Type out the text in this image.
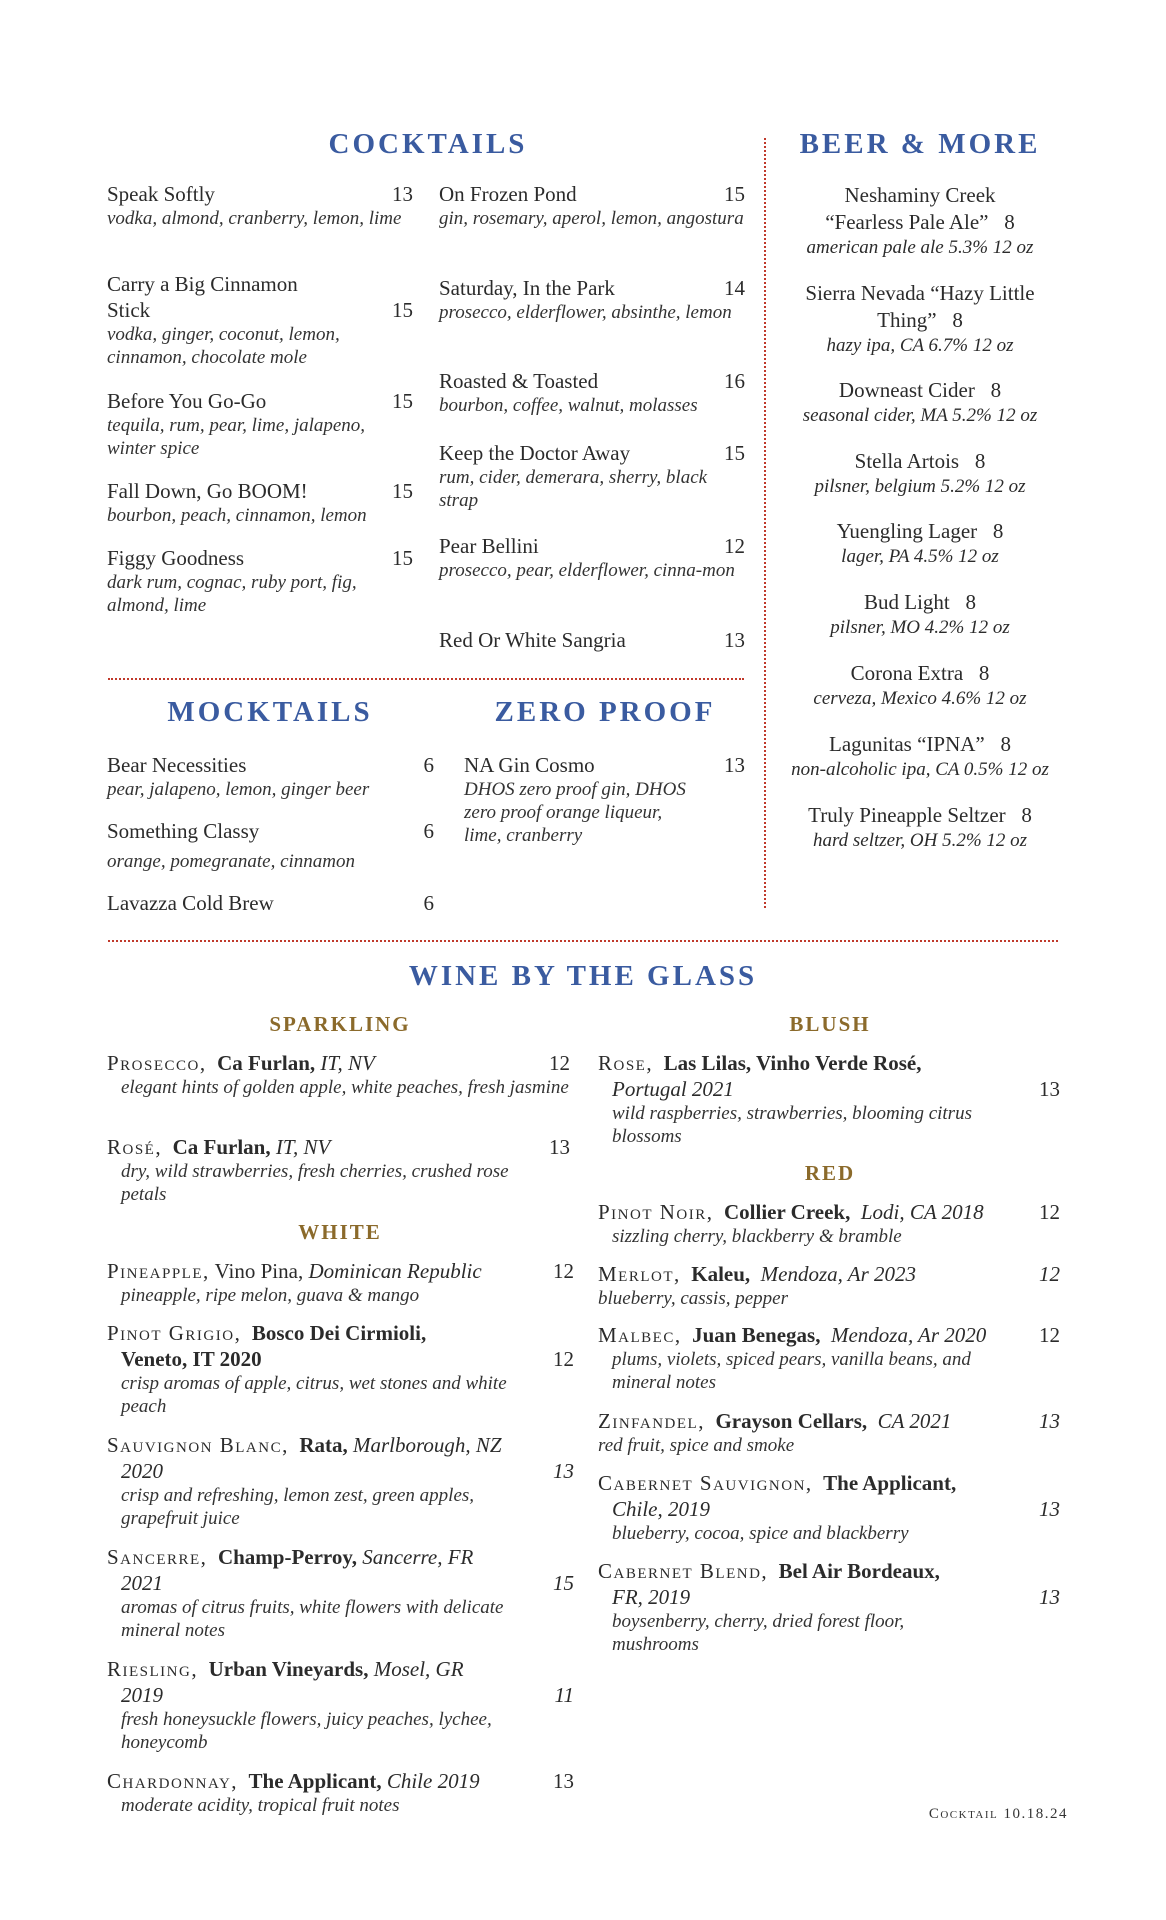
COCKTAILS	BEER & MORE
MOCKTAILS	ZERO PROOF
WINE BY THE GLASS
SPARKLING
WHITE
BLUSH
RED
Speak Softly	13
vodka, almond, cranberry, lemon, lime
Carry a Big Cinnamon
Stick	15
vodka, ginger, coconut, lemon, cinnamon, chocolate mole
Before You Go-Go	15
tequila, rum, pear, lime, jalapeno, winter spice
Fall Down, Go BOOM!	15
bourbon, peach, cinnamon, lemon
Figgy Goodness	15
dark rum, cognac, ruby port, fig, almond, lime
On Frozen Pond	15
gin, rosemary, aperol, lemon, angostura
Saturday, In the Park	14
prosecco, elderflower, absinthe, lemon
Roasted & Toasted	16
bourbon, coffee, walnut, molasses
Keep the Doctor Away	15
rum, cider, demerara, sherry, black strap
Pear Bellini	12
prosecco, pear, elderflower, cinna-mon
Red Or White Sangria	13
Bear Necessities	6
pear, jalapeno, lemon, ginger beer
Something Classy	6
orange, pomegranate, cinnamon
Lavazza Cold Brew	6
NA Gin Cosmo	13
DHOS zero proof gin, DHOS zero proof orange liqueur, lime, cranberry
Neshaminy Creek
“Fearless Pale Ale” 8
american pale ale 5.3% 12 oz
Sierra Nevada “Hazy Little
Thing” 8
hazy ipa, CA 6.7% 12 oz
Downeast Cider 8
seasonal cider, MA 5.2% 12 oz
Stella Artois 8
pilsner, belgium 5.2% 12 oz
Yuengling Lager 8
lager, PA 4.5% 12 oz
Bud Light 8
pilsner, MO 4.2% 12 oz
Corona Extra 8
cerveza, Mexico 4.6% 12 oz
Lagunitas “IPNA” 8
non-alcoholic ipa, CA 0.5% 12 oz
Truly Pineapple Seltzer 8
hard seltzer, OH 5.2% 12 oz
Prosecco, Ca Furlan, IT, NV	12
elegant hints of golden apple, white peaches, fresh jasmine
Rosé, Ca Furlan, IT, NV	13
dry, wild strawberries, fresh cherries, crushed rose petals
Pineapple, Vino Pina, Dominican Republic	12
pineapple, ripe melon, guava & mango
Pinot Grigio, Bosco Dei Cirmioli,
Veneto, IT 2020	12
crisp aromas of apple, citrus, wet stones and white peach
Sauvignon Blanc, Rata, Marlborough, NZ
2020	13
crisp and refreshing, lemon zest, green apples, grapefruit juice
Sancerre, Champ-Perroy, Sancerre, FR
2021	15
aromas of citrus fruits, white flowers with delicate mineral notes
Riesling, Urban Vineyards, Mosel, GR
2019	11
fresh honeysuckle flowers, juicy peaches, lychee, honeycomb
Chardonnay, The Applicant, Chile 2019	13
moderate acidity, tropical fruit notes
Rose, Las Lilas, Vinho Verde Rosé,
Portugal 2021	13
wild raspberries, strawberries, blooming citrus blossoms
Pinot Noir, Collier Creek, Lodi, CA 2018	12
sizzling cherry, blackberry & bramble
Merlot, Kaleu, Mendoza, Ar 2023	12
blueberry, cassis, pepper
Malbec, Juan Benegas, Mendoza, Ar 2020	12
plums, violets, spiced pears, vanilla beans, and mineral notes
Zinfandel, Grayson Cellars, CA 2021	13
red fruit, spice and smoke
Cabernet Sauvignon, The Applicant,
Chile, 2019	13
blueberry, cocoa, spice and blackberry
Cabernet Blend, Bel Air Bordeaux,
FR, 2019	13
boysenberry, cherry, dried forest floor, mushrooms
Cocktail 10.18.24
